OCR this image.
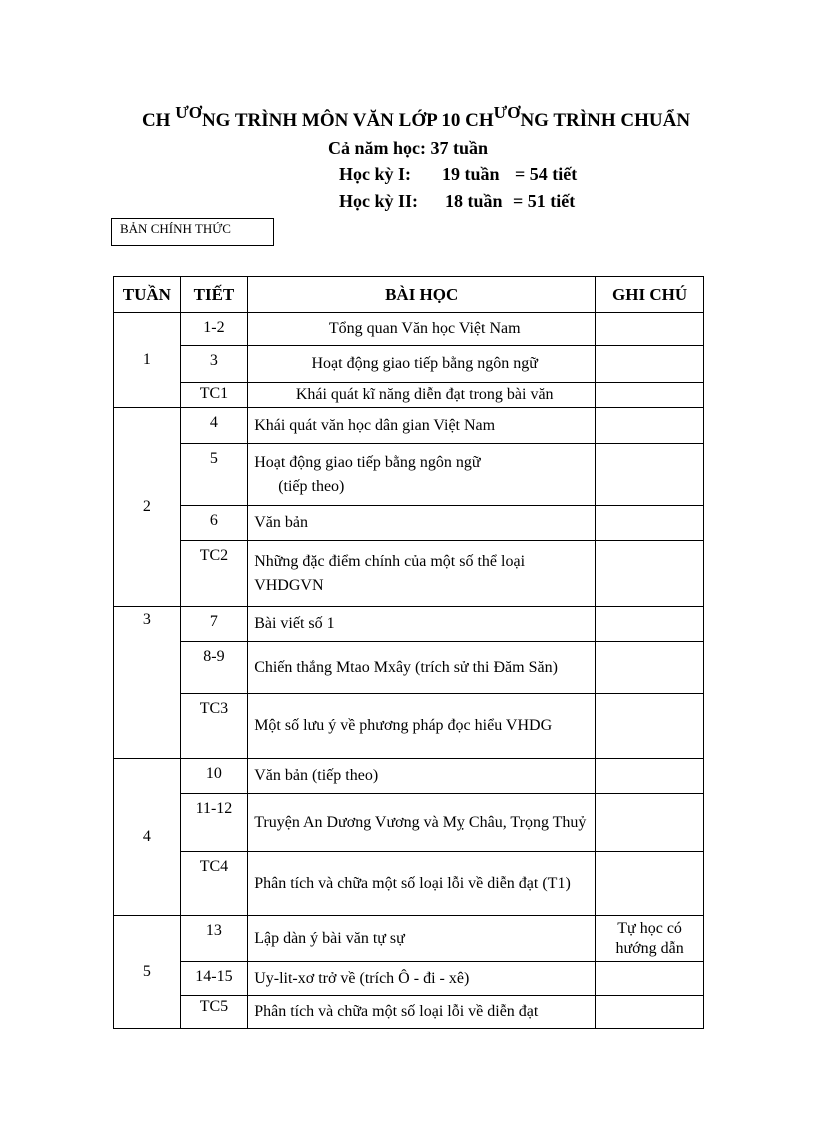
CH ƯƠNG TRÌNH MÔN VĂN LỚP 10 CHƯƠNG TRÌNH CHUẨN
Cả năm học: 37 tuần
Học kỳ I: 19 tuần = 54 tiết
Học kỳ II: 18 tuần = 51 tiết
BẢN CHÍNH THỨC
TUẦN	TIẾT	BÀI HỌC	GHI CHÚ
1	1-2	Tổng quan Văn học Việt Nam	
	3	Hoạt động giao tiếp bằng ngôn ngữ	
	TC1	Khái quát kĩ năng diễn đạt trong bài văn	
2	4	Khái quát văn học dân gian Việt Nam	
	5	Hoạt động giao tiếp bằng ngôn ngữ
(tiếp theo)	

	6	Văn bản	
	TC2	Những đặc điểm chính của một số thể loại VHDGVN	
3	7	Bài viết số 1	
	8-9	Chiến thắng Mtao Mxây (trích sử thi Đăm Săn)	
	TC3	Một số lưu ý về phương pháp đọc hiểu VHDG	
4	10	Văn bản (tiếp theo)	
	11-12	Truyện An Dương Vương và Mỵ Châu, Trọng Thuỷ	
	TC4	Phân tích và chữa một số loại lỗi về diễn đạt (T1)	
5	13	Lập dàn ý bài văn tự sự	Tự học có hướng dẫn
	14-15	Uy-lit-xơ trở về (trích Ô - đi - xê)	
	TC5	Phân tích và chữa một số loại lỗi về diễn đạt	
